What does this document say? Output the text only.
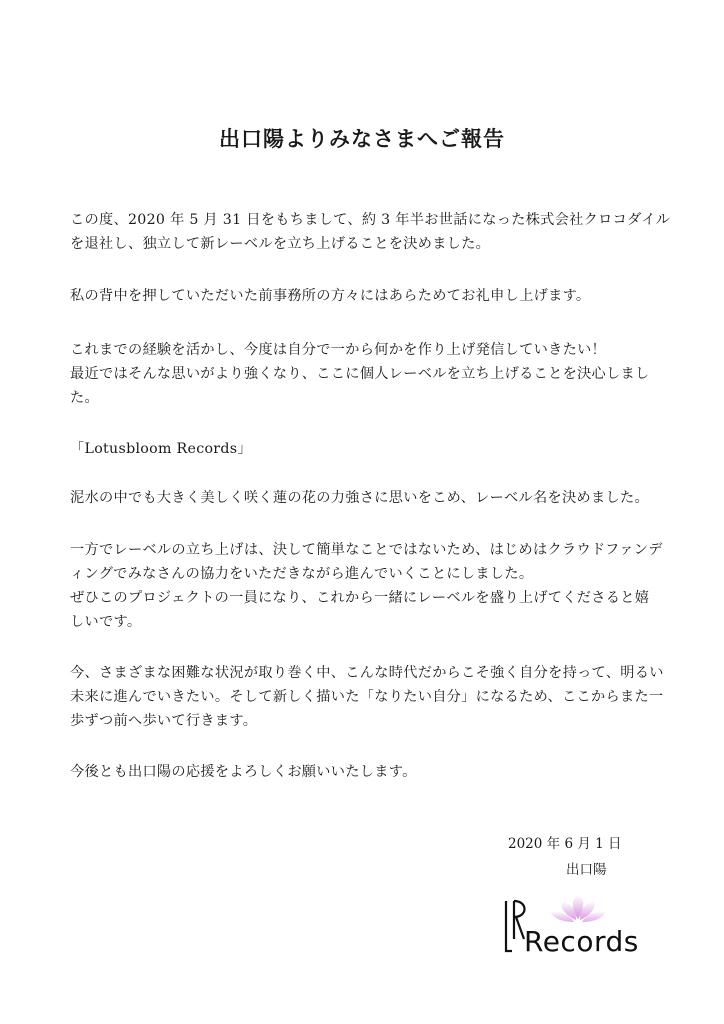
出口陽よりみなさまへご報告

この度、2020 年 5 月 31 日をもちまして、約 3 年半お世話になった株式会社クロコダイル
を退社し、独立して新レーベルを立ち上げることを決めました。

私の背中を押していただいた前事務所の方々にはあらためてお礼申し上げます。

これまでの経験を活かし、今度は自分で一から何かを作り上げ発信していきたい！
最近ではそんな思いがより強くなり、ここに個人レーベルを立ち上げることを決心しまし
た。

「Lotusbloom Records」

泥水の中でも大きく美しく咲く蓮の花の力強さに思いをこめ、レーベル名を決めました。

一方でレーベルの立ち上げは、決して簡単なことではないため、はじめはクラウドファンデ
ィングでみなさんの協力をいただきながら進んでいくことにしました。
ぜひこのプロジェクトの一員になり、これから一緒にレーベルを盛り上げてくださると嬉
しいです。

今、さまざまな困難な状況が取り巻く中、こんな時代だからこそ強く自分を持って、明るい
未来に進んでいきたい。そして新しく描いた「なりたい自分」になるため、ここからまた一
歩ずつ前へ歩いて行きます。

今後とも出口陽の応援をよろしくお願いいたします。

2020 年 6 月 1 日
出口陽
Records
